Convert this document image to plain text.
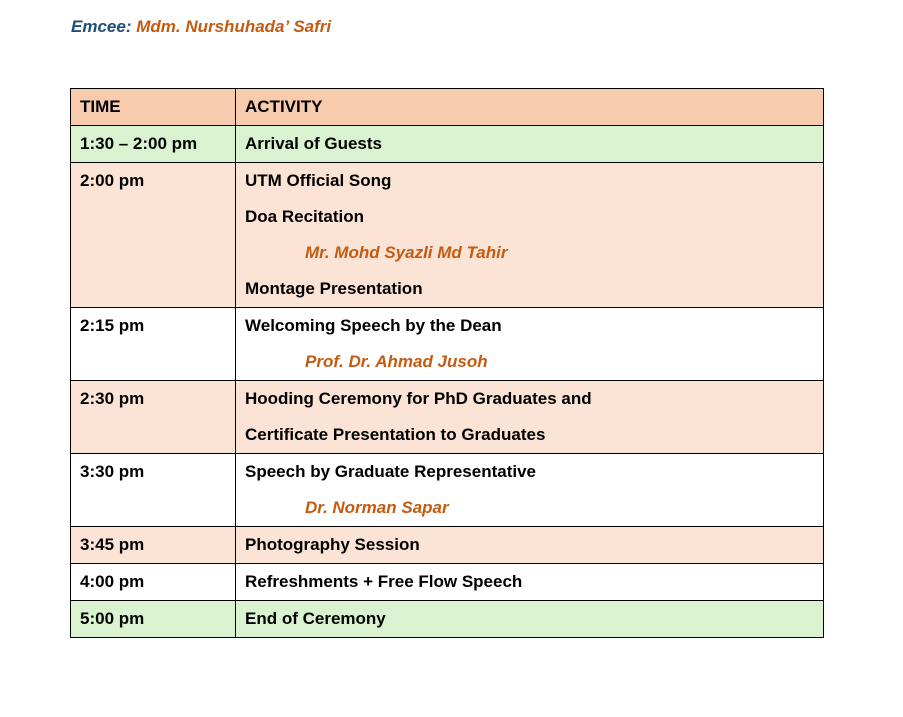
Emcee: Mdm. Nurshuhada’ Safri
TIME	ACTIVITY
1:30 – 2:00 pm	Arrival of Guests

2:00 pm	UTM Official Song
Doa Recitation
Mr. Mohd Syazli Md Tahir
Montage Presentation

2:15 pm	Welcoming Speech by the Dean
Prof. Dr. Ahmad Jusoh

2:30 pm	Hooding Ceremony for PhD Graduates and
Certificate Presentation to Graduates

3:30 pm	Speech by Graduate Representative
Dr. Norman Sapar

3:45 pm	Photography Session

4:00 pm	Refreshments + Free Flow Speech

5:00 pm	End of Ceremony
